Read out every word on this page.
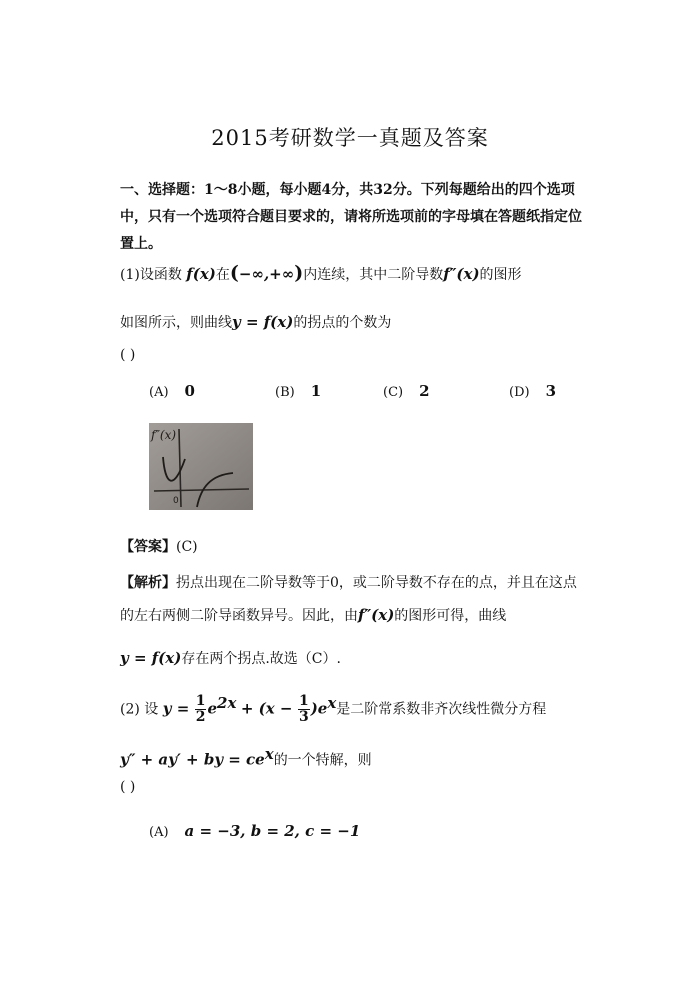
2015考研数学一真题及答案
一、选择题：1～8小题，每小题4分，共32分。下列每题给出的四个选项中，只有一个选项符合题目要求的，请将所选项前的字母填在答题纸指定位置上。
(1)设函数 f(x)在(−∞,+∞)内连续，其中二阶导数f″(x)的图形
如图所示，则曲线y = f(x)的拐点的个数为
( )
(A) 0	(B) 1	(C) 2	(D) 3
f″(x)
0
【答案】(C)
【解析】拐点出现在二阶导数等于0，或二阶导数不存在的点，并且在这点
的左右两侧二阶导函数异号。因此，由f″(x)的图形可得，曲线
y = f(x)存在两个拐点.故选（C）.
(2) 设 $y = \frac{1}{2} e^{2x} + (x - \frac{1}{3} )e^x$是二阶常系数非齐次线性微分方程
y″ + ay′ + by = $ce^x$的一个特解，则
( )
(A) a = −3, b = 2, c = −1
